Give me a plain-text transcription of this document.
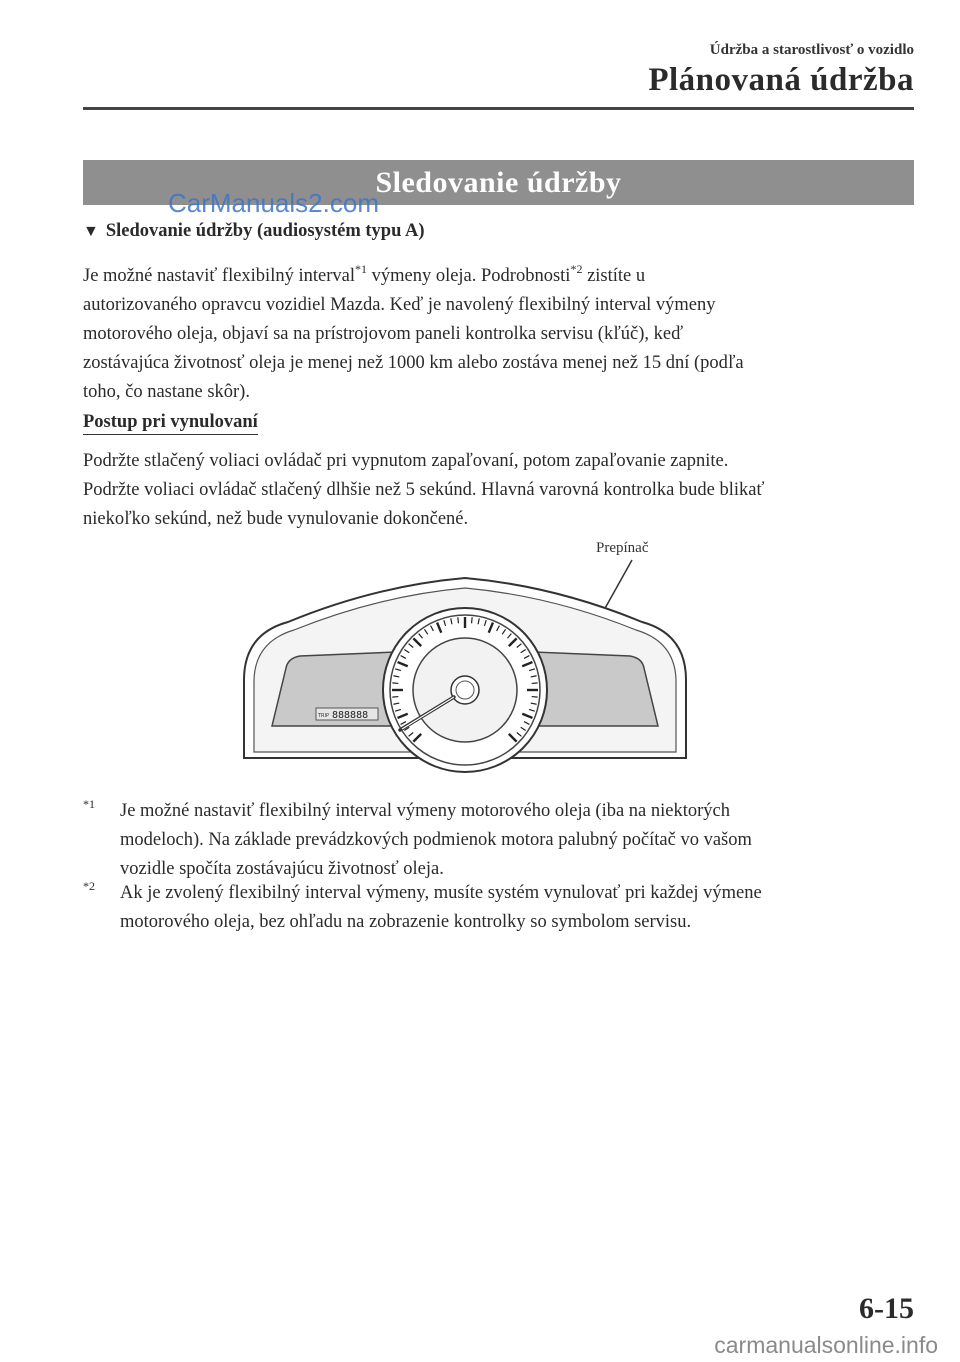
Údržba a starostlivosť o vozidlo
Plánovaná údržba
Sledovanie údržby
CarManuals2.com
▼ Sledovanie údržby (audiosystém typu A)
Je možné nastaviť flexibilný interval$^{*1}$ výmeny oleja. Podrobnosti$^{*2}$ zistíte u
autorizovaného opravcu vozidiel Mazda. Keď je navolený flexibilný interval výmeny
motorového oleja, objaví sa na prístrojovom paneli kontrolka servisu (kľúč), keď
zostávajúca životnosť oleja je menej než 1000 km alebo zostáva menej než 15 dní (podľa
toho, čo nastane skôr).
Postup pri vynulovaní
Podržte stlačený voliaci ovládač pri vypnutom zapaľovaní, potom zapaľovanie zapnite.
Podržte voliaci ovládač stlačený dlhšie než 5 sekúnd. Hlavná varovná kontrolka bude blikať
niekoľko sekúnd, než bude vynulovanie dokončené.
Prepínač
TRIP 888888
$^{*1}$ Je možné nastaviť flexibilný interval výmeny motorového oleja (iba na niektorých
modeloch). Na základe prevádzkových podmienok motora palubný počítač vo vašom
vozidle spočíta zostávajúcu životnosť oleja.
$^{*2}$ Ak je zvolený flexibilný interval výmeny, musíte systém vynulovať pri každej výmene
motorového oleja, bez ohľadu na zobrazenie kontrolky so symbolom servisu.
6-15
carmanualsonline.info
